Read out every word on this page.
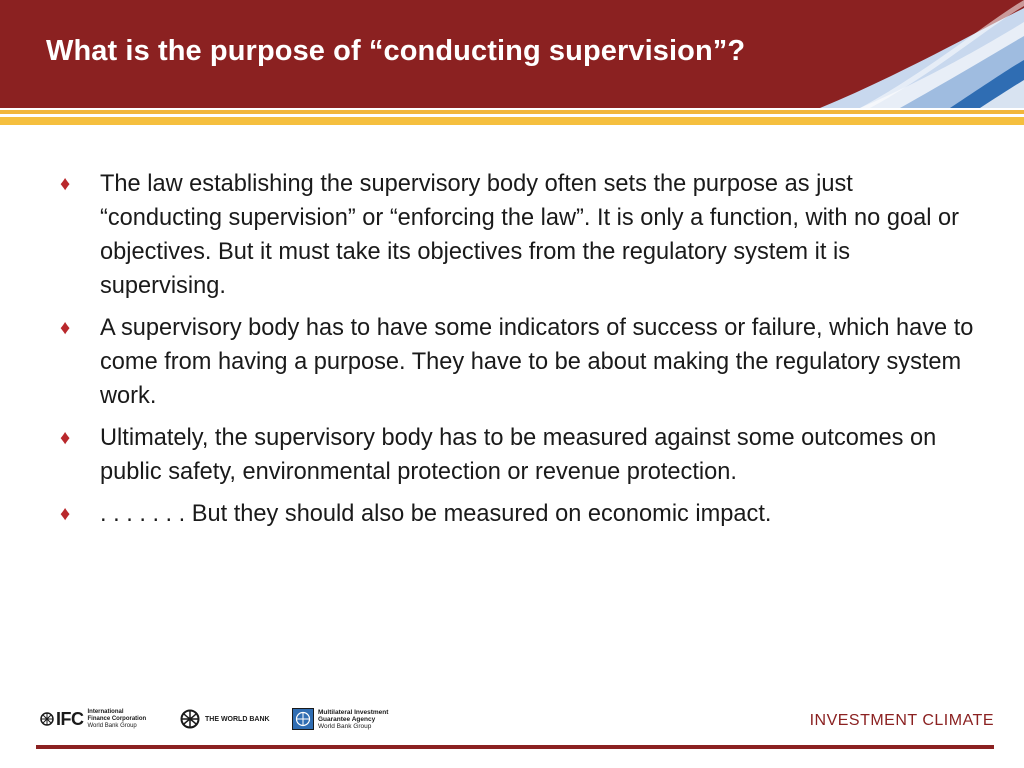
What is the purpose of “conducting supervision”?
♦ The law establishing the supervisory body often sets the purpose as just “conducting supervision” or “enforcing the law”. It is only a function, with no goal or objectives. But it must take its objectives from the regulatory system it is supervising.
♦ A supervisory body has to have some indicators of success or failure, which have to come from having a purpose. They have to be about making the regulatory system work.
♦ Ultimately, the supervisory body has to be measured against some outcomes on public safety, environmental protection or revenue protection.
♦ . . . . . . . But they should also be measured on economic impact.
IFC International
Finance Corporation
World Bank Group
THE WORLD BANK
Multilateral Investment
Guarantee Agency
World Bank Group	INVESTMENT CLIMATE
